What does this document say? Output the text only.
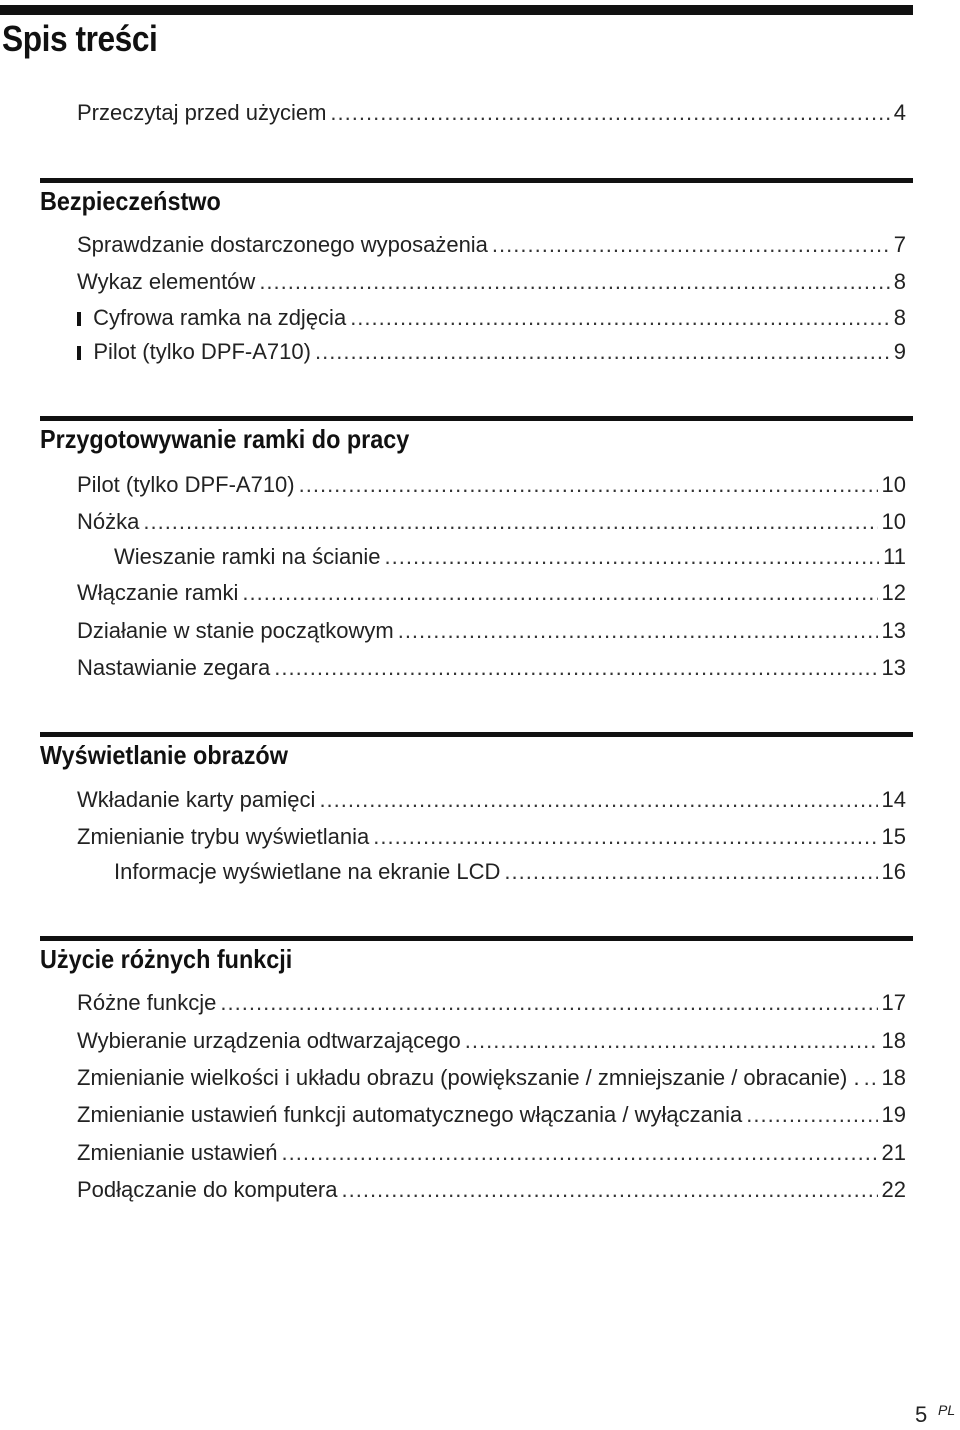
Spis treści
Przeczytaj przed użyciem .....	4
Bezpieczeństwo
Sprawdzanie dostarczonego wyposażenia .....	7
Wykaz elementów .....	8
Cyfrowa ramka na zdjęcia .....	8
Pilot (tylko DPF-A710) .....	9
Przygotowywanie ramki do pracy
Pilot (tylko DPF-A710) .....	10
Nóżka .....	10
Wieszanie ramki na ścianie .....	11
Włączanie ramki .....	12
Działanie w stanie początkowym .....	13
Nastawianie zegara .....	13
Wyświetlanie obrazów
Wkładanie karty pamięci .....	14
Zmienianie trybu wyświetlania .....	15
Informacje wyświetlane na ekranie LCD .....	16
Użycie różnych funkcji
Różne funkcje .....	17
Wybieranie urządzenia odtwarzającego .....	18
Zmienianie wielkości i układu obrazu (powiększanie / zmniejszanie / obracanie) . ..... 18
Zmienianie ustawień funkcji automatycznego włączania / wyłączania .....	19
Zmienianie ustawień .....	21
Podłączanie do komputera .....	22
5 PL
